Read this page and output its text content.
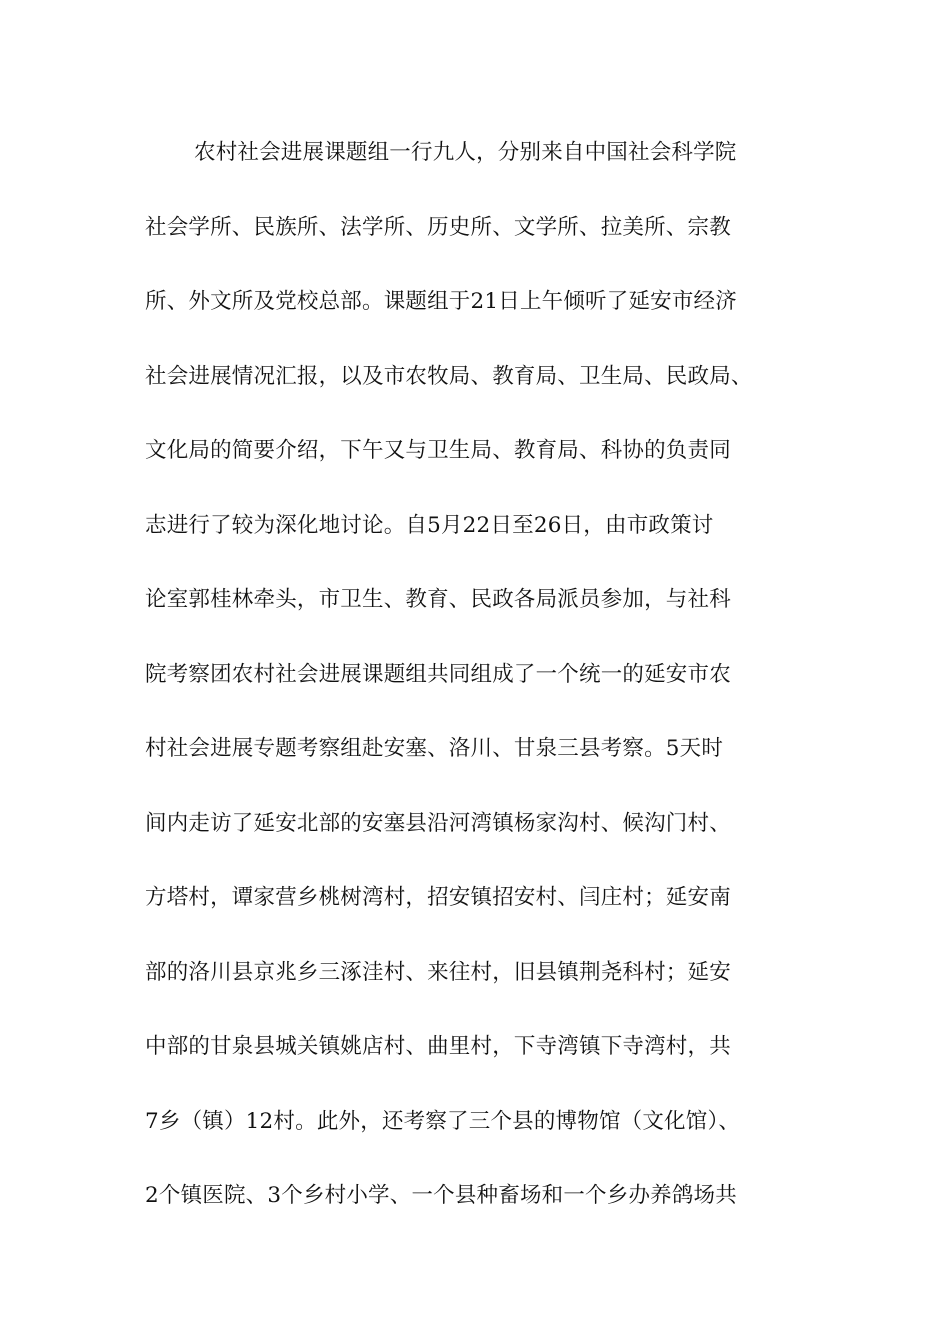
农村社会进展课题组一行九人，分别来自中国社会科学院
社会学所、民族所、法学所、历史所、文学所、拉美所、宗教
所、外文所及党校总部。课题组于21日上午倾听了延安市经济
社会进展情况汇报，以及市农牧局、教育局、卫生局、民政局、
文化局的简要介绍，下午又与卫生局、教育局、科协的负责同
志进行了较为深化地讨论。自5月22日至26日，由市政策讨
论室郭桂林牵头，市卫生、教育、民政各局派员参加，与社科
院考察团农村社会进展课题组共同组成了一个统一的延安市农
村社会进展专题考察组赴安塞、洛川、甘泉三县考察。5天时
间内走访了延安北部的安塞县沿河湾镇杨家沟村、候沟门村、
方塔村，谭家营乡桃树湾村，招安镇招安村、闫庄村；延安南
部的洛川县京兆乡三涿洼村、来往村，旧县镇荆尧科村；延安
中部的甘泉县城关镇姚店村、曲里村，下寺湾镇下寺湾村，共
7乡（镇）12村。此外，还考察了三个县的博物馆（文化馆）、
2个镇医院、3个乡村小学、一个县种畜场和一个乡办养鸽场共
